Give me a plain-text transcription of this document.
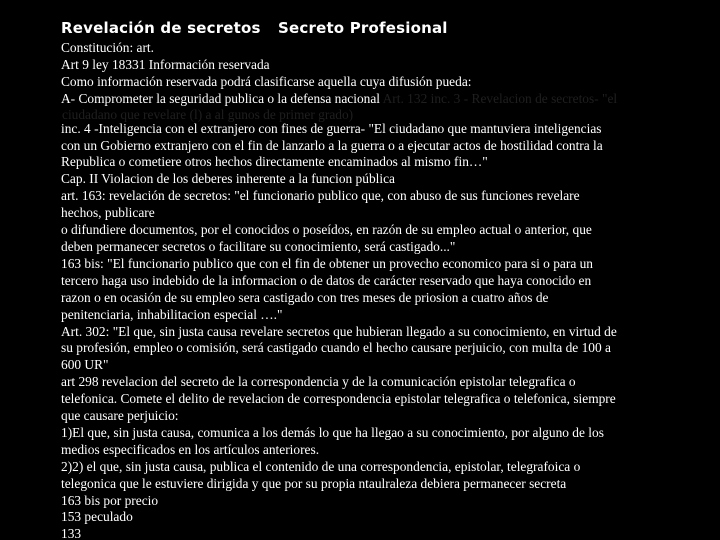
Revelación de secretos Secreto Profesional
Constitución: art.
Art 9 ley 18331 Información reservada
Como información reservada podrá clasificarse aquella cuya difusión pueda:
A- Comprometer la seguridad publica o la defensa nacional Art. 132 inc. 3 - Revelacion de secretos- "el
ciudadano que revelare (l) a al gunos de primer grado)
inc. 4 -Inteligencia con el extranjero con fines de guerra- "El ciudadano que mantuviera inteligencias
con un Gobierno extranjero con el fin de lanzarlo a la guerra o a ejecutar actos de hostilidad contra la
Republica o cometiere otros hechos directamente encaminados al mismo fin…"
Cap. II Violacion de los deberes inherente a la funcion pública
art. 163: revelación de secretos: "el funcionario publico que, con abuso de sus funciones revelare
hechos, publicare
o difundiere documentos, por el conocidos o poseídos, en razón de su empleo actual o anterior, que
deben permanecer secretos o facilitare su conocimiento, será castigado..."
163 bis: "El funcionario publico que con el fin de obtener un provecho economico para si o para un
tercero haga uso indebido de la informacion o de datos de carácter reservado que haya conocido en
razon o en ocasión de su empleo sera castigado con tres meses de priosion a cuatro años de
penitenciaria, inhabilitacion especial …."
Art. 302: "El que, sin justa causa revelare secretos que hubieran llegado a su conocimiento, en virtud de
su profesión, empleo o comisión, será castigado cuando el hecho causare perjuicio, con multa de 100 a
600 UR"
art 298 revelacion del secreto de la correspondencia y de la comunicación epistolar telegrafica o
telefonica. Comete el delito de revelacion de correspondencia epistolar telegrafica o telefonica, siempre
que causare perjuicio:
1)El que, sin justa causa, comunica a los demás lo que ha llegao a su conocimiento, por alguno de los
medios especificados en los artículos anteriores.
2)2) el que, sin justa causa, publica el contenido de una correspondencia, epistolar, telegrafoica o
telegonica que le estuviere dirigida y que por su propia ntaulraleza debiera permanecer secreta
163 bis por precio
153 peculado
133
